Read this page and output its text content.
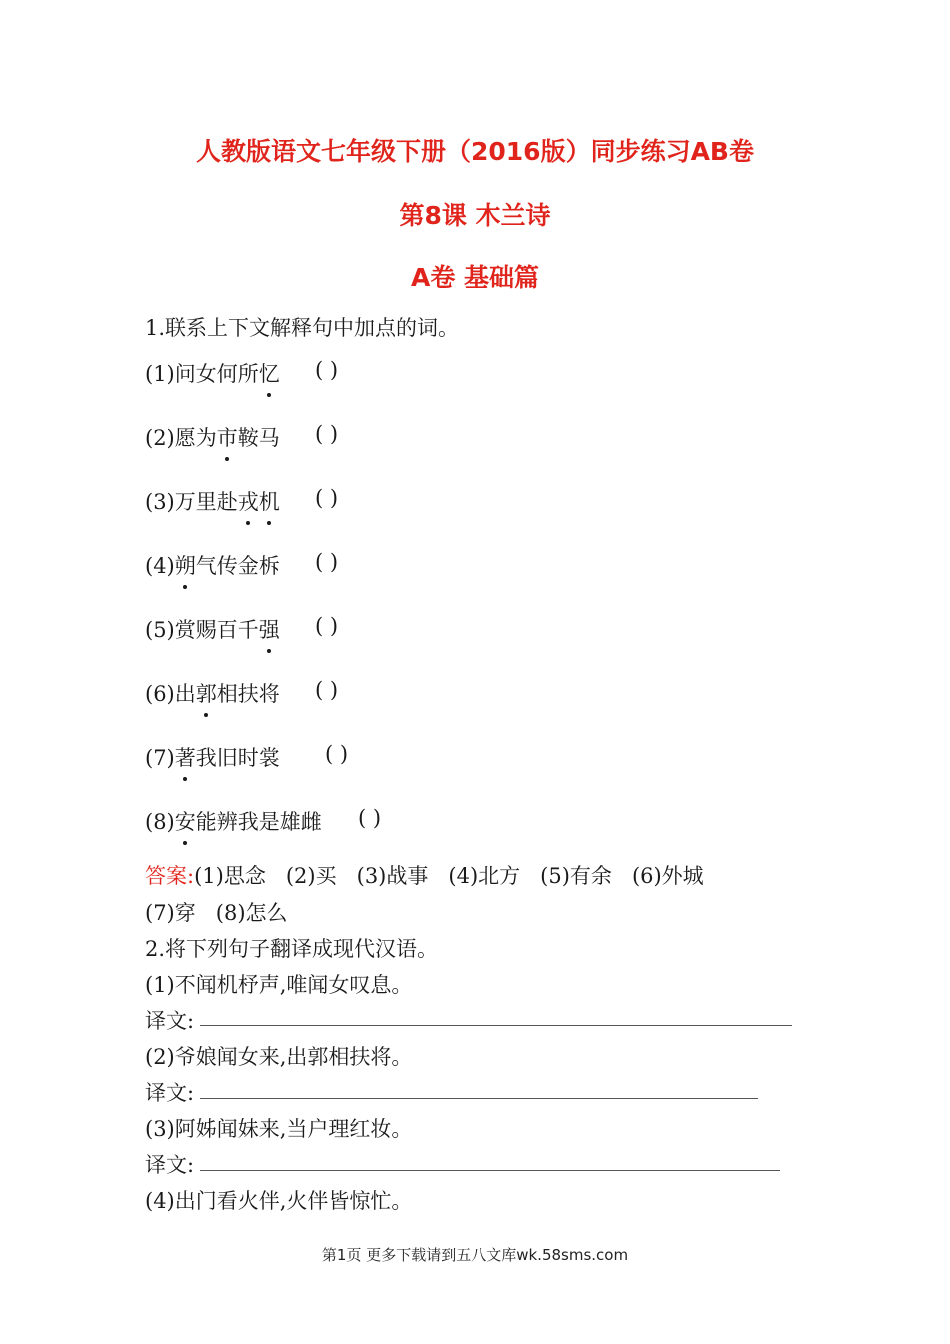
人教版语文七年级下册（2016版）同步练习AB卷
第8课 木兰诗
A卷 基础篇
1.联系上下文解释句中加点的词。
(1)问女何所忆 ( )
(2)愿为市鞍马 ( )
(3)万里赴戎机 ( )
(4)朔气传金柝 ( )
(5)赏赐百千强 ( )
(6)出郭相扶将 ( )
(7)著我旧时裳 ( )
(8)安能辨我是雄雌 ( )
答案:(1)思念   (2)买   (3)战事   (4)北方   (5)有余   (6)外城
(7)穿   (8)怎么
2.将下列句子翻译成现代汉语。
(1)不闻机杼声,唯闻女叹息。
译文:
(2)爷娘闻女来,出郭相扶将。
译文:
(3)阿姊闻妹来,当户理红妆。
译文:
(4)出门看火伴,火伴皆惊忙。
第1页 更多下载请到五八文库wk.58sms.com
